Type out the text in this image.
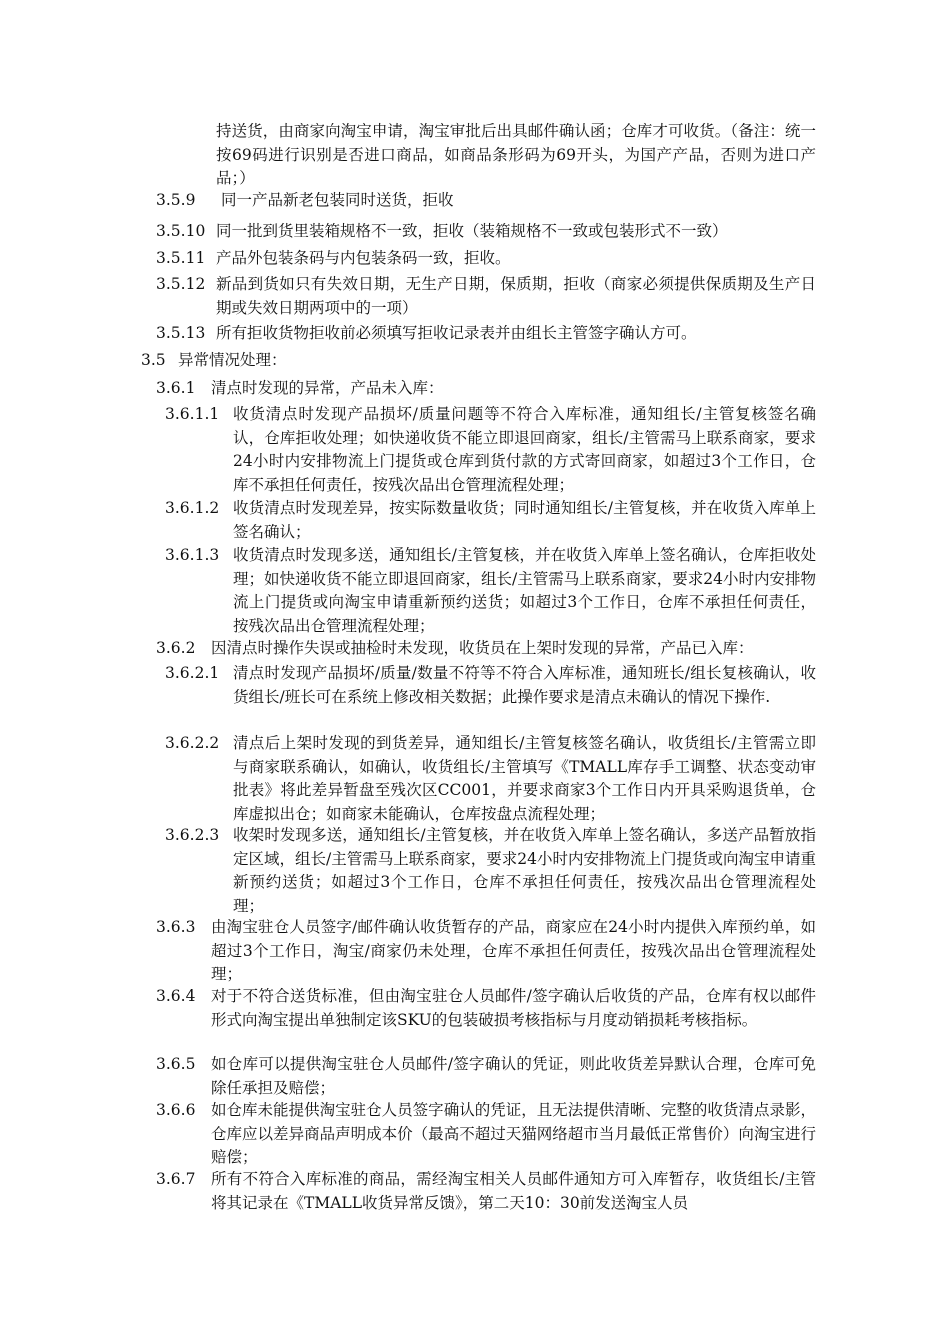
持送货，由商家向淘宝申请，淘宝审批后出具邮件确认函；仓库才可收货。（备注：统一按69码进行识别是否进口商品，如商品条形码为69开头，为国产产品，否则为进口产品；）
3.5.9 同一产品新老包装同时送货，拒收
3.5.10 同一批到货里装箱规格不一致，拒收（装箱规格不一致或包装形式不一致）
3.5.11 产品外包装条码与内包装条码一致，拒收。
3.5.12 新品到货如只有失效日期，无生产日期，保质期，拒收（商家必须提供保质期及生产日期或失效日期两项中的一项）
3.5.13 所有拒收货物拒收前必须填写拒收记录表并由组长主管签字确认方可。
3.5 异常情况处理：
3.6.1 清点时发现的异常，产品未入库：
3.6.1.1 收货清点时发现产品损坏/质量问题等不符合入库标准，通知组长/主管复核签名确认，仓库拒收处理；如快递收货不能立即退回商家，组长/主管需马上联系商家，要求24小时内安排物流上门提货或仓库到货付款的方式寄回商家，如超过3个工作日，仓库不承担任何责任，按残次品出仓管理流程处理；
3.6.1.2 收货清点时发现差异，按实际数量收货；同时通知组长/主管复核，并在收货入库单上签名确认；
3.6.1.3 收货清点时发现多送，通知组长/主管复核，并在收货入库单上签名确认，仓库拒收处理；如快递收货不能立即退回商家，组长/主管需马上联系商家，要求24小时内安排物流上门提货或向淘宝申请重新预约送货；如超过3个工作日，仓库不承担任何责任，按残次品出仓管理流程处理；
3.6.2 因清点时操作失误或抽检时未发现，收货员在上架时发现的异常，产品已入库：
3.6.2.1 清点时发现产品损坏/质量/数量不符等不符合入库标准，通知班长/组长复核确认，收货组长/班长可在系统上修改相关数据；此操作要求是清点未确认的情况下操作.
3.6.2.2 清点后上架时发现的到货差异，通知组长/主管复核签名确认，收货组长/主管需立即与商家联系确认，如确认，收货组长/主管填写《TMALL库存手工调整、状态变动审批表》将此差异暂盘至残次区CC001，并要求商家3个工作日内开具采购退货单，仓库虚拟出仓；如商家未能确认，仓库按盘点流程处理；
3.6.2.3 收架时发现多送，通知组长/主管复核，并在收货入库单上签名确认，多送产品暂放指定区域，组长/主管需马上联系商家，要求24小时内安排物流上门提货或向淘宝申请重新预约送货；如超过3个工作日，仓库不承担任何责任，按残次品出仓管理流程处理；
3.6.3 由淘宝驻仓人员签字/邮件确认收货暂存的产品，商家应在24小时内提供入库预约单，如超过3个工作日，淘宝/商家仍未处理，仓库不承担任何责任，按残次品出仓管理流程处理；
3.6.4 对于不符合送货标准，但由淘宝驻仓人员邮件/签字确认后收货的产品，仓库有权以邮件形式向淘宝提出单独制定该SKU的包装破损考核指标与月度动销损耗考核指标。
3.6.5 如仓库可以提供淘宝驻仓人员邮件/签字确认的凭证，则此收货差异默认合理，仓库可免除任承担及赔偿；
3.6.6 如仓库未能提供淘宝驻仓人员签字确认的凭证，且无法提供清晰、完整的收货清点录影，仓库应以差异商品声明成本价（最高不超过天猫网络超市当月最低正常售价）向淘宝进行赔偿；
3.6.7 所有不符合入库标准的商品，需经淘宝相关人员邮件通知方可入库暂存，收货组长/主管将其记录在《TMALL收货异常反馈》，第二天10：30前发送淘宝人员
